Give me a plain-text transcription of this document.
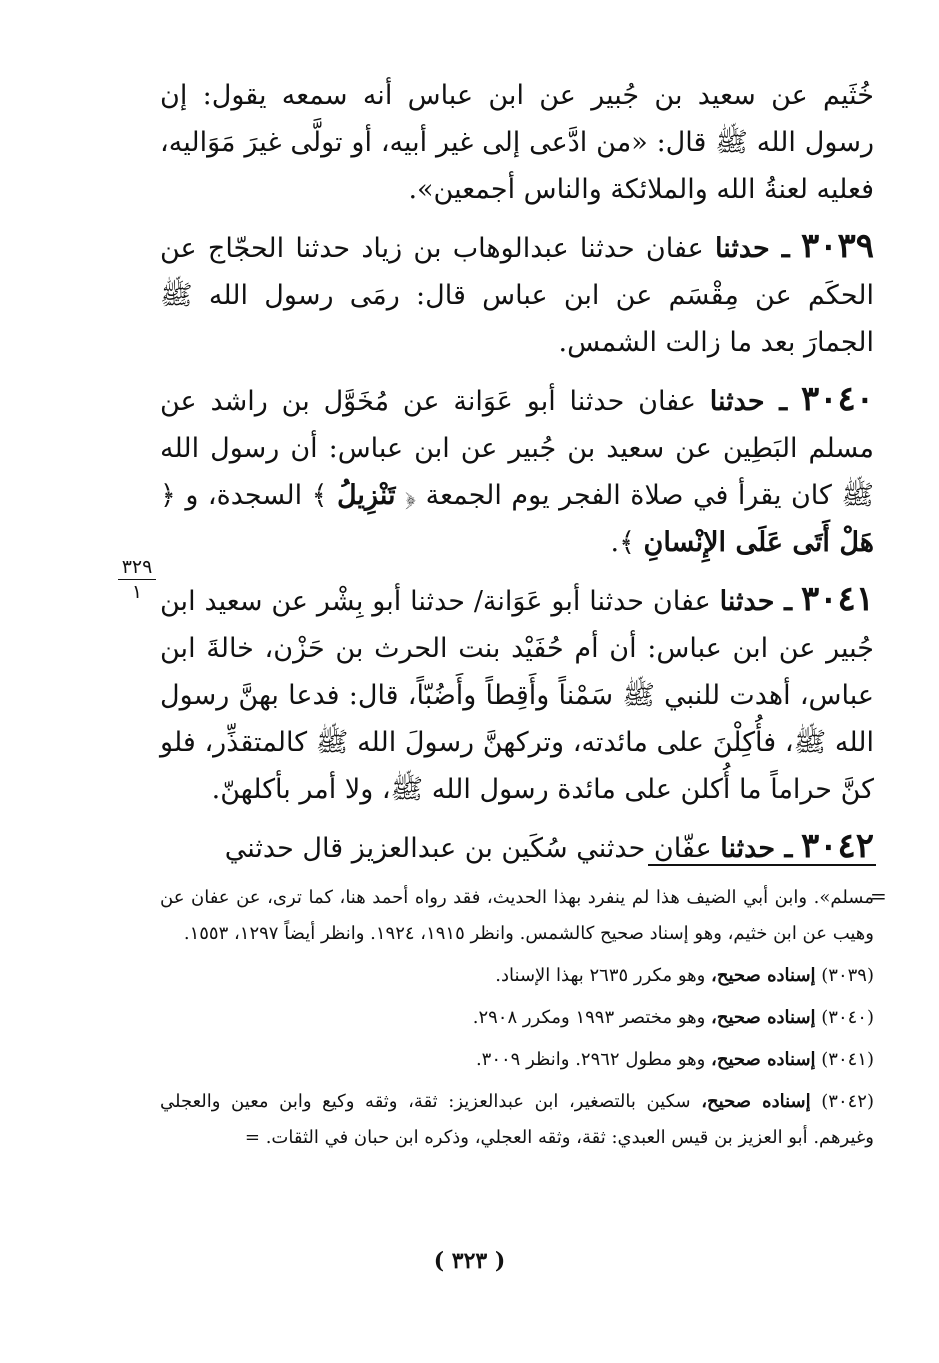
خُثَيم عن سعيد بن جُبير عن ابن عباس أنه سمعه يقول: إن رسول الله ﷺ قال: «من ادَّعى إلى غير أبيه، أو تولَّى غيرَ مَوَاليه، فعليه لعنةُ الله والملائكة والناس أجمعين».

٣٠٣٩ ـ حدثنا عفان حدثنا عبدالوهاب بن زياد حدثنا الحجّاج عن الحكَم عن مِقْسَم عن ابن عباس قال: رمَى رسول الله ﷺ الجمارَ بعد ما زالت الشمس.

٣٠٤٠ ـ حدثنا عفان حدثنا أبو عَوَانة عن مُخَوَّل بن راشد عن مسلم البَطِين عن سعيد بن جُبير عن ابن عباس: أن رسول الله ﷺ كان يقرأ في صلاة الفجر يوم الجمعة ﴿ تَنْزِيلُ ﴾ السجدة، و ﴿ هَلْ أَتَى عَلَى الإِنْسانِ ﴾.

٣٠٤١ ـ حدثنا عفان حدثنا أبو عَوَانة/ حدثنا أبو بِشْر عن سعيد ابن جُبير عن ابن عباس: أن أم حُفَيْد بنت الحرث بن حَزْن، خالةَ ابن عباس، أهدت للنبي ﷺ سَمْناً وأَقِطاً وأَضُبّاً، قال: فدعا بهنَّ رسول الله ﷺ، فأُكِلْنَ على مائدته، وتركهنَّ رسولَ الله ﷺ كالمتقذِّر، فلو كنَّ حراماً ما أُكلن على مائدة رسول الله ﷺ، ولا أمر بأكلهنّ.

٣٠٤٢ ـ حدثنا عفّان حدثني سُكَين بن عبدالعزيز قال حدثني

٣٢٩
١
=

مسلم». وابن أبي الضيف هذا لم ينفرد بهذا الحديث، فقد رواه أحمد هنا، كما ترى، عن عفان عن وهيب عن ابن خثيم، وهو إسناد صحيح كالشمس. وانظر ١٩١٥، ١٩٢٤. وانظر أيضاً ١٢٩٧، ١٥٥٣.

(٣٠٣٩) إسناده صحيح، وهو مكرر ٢٦٣٥ بهذا الإسناد.

(٣٠٤٠) إسناده صحيح، وهو مختصر ١٩٩٣ ومكرر ٢٩٠٨.

(٣٠٤١) إسناده صحيح، وهو مطول ٢٩٦٢. وانظر ٣٠٠٩.

(٣٠٤٢) إسناده صحيح، سكين بالتصغير، ابن عبدالعزيز: ثقة، وثقه وكيع وابن معين والعجلي وغيرهم. أبو العزيز بن قيس العبدي: ثقة، وثقه العجلي، وذكره ابن حبان في الثقات. =

( ٣٢٣ )
